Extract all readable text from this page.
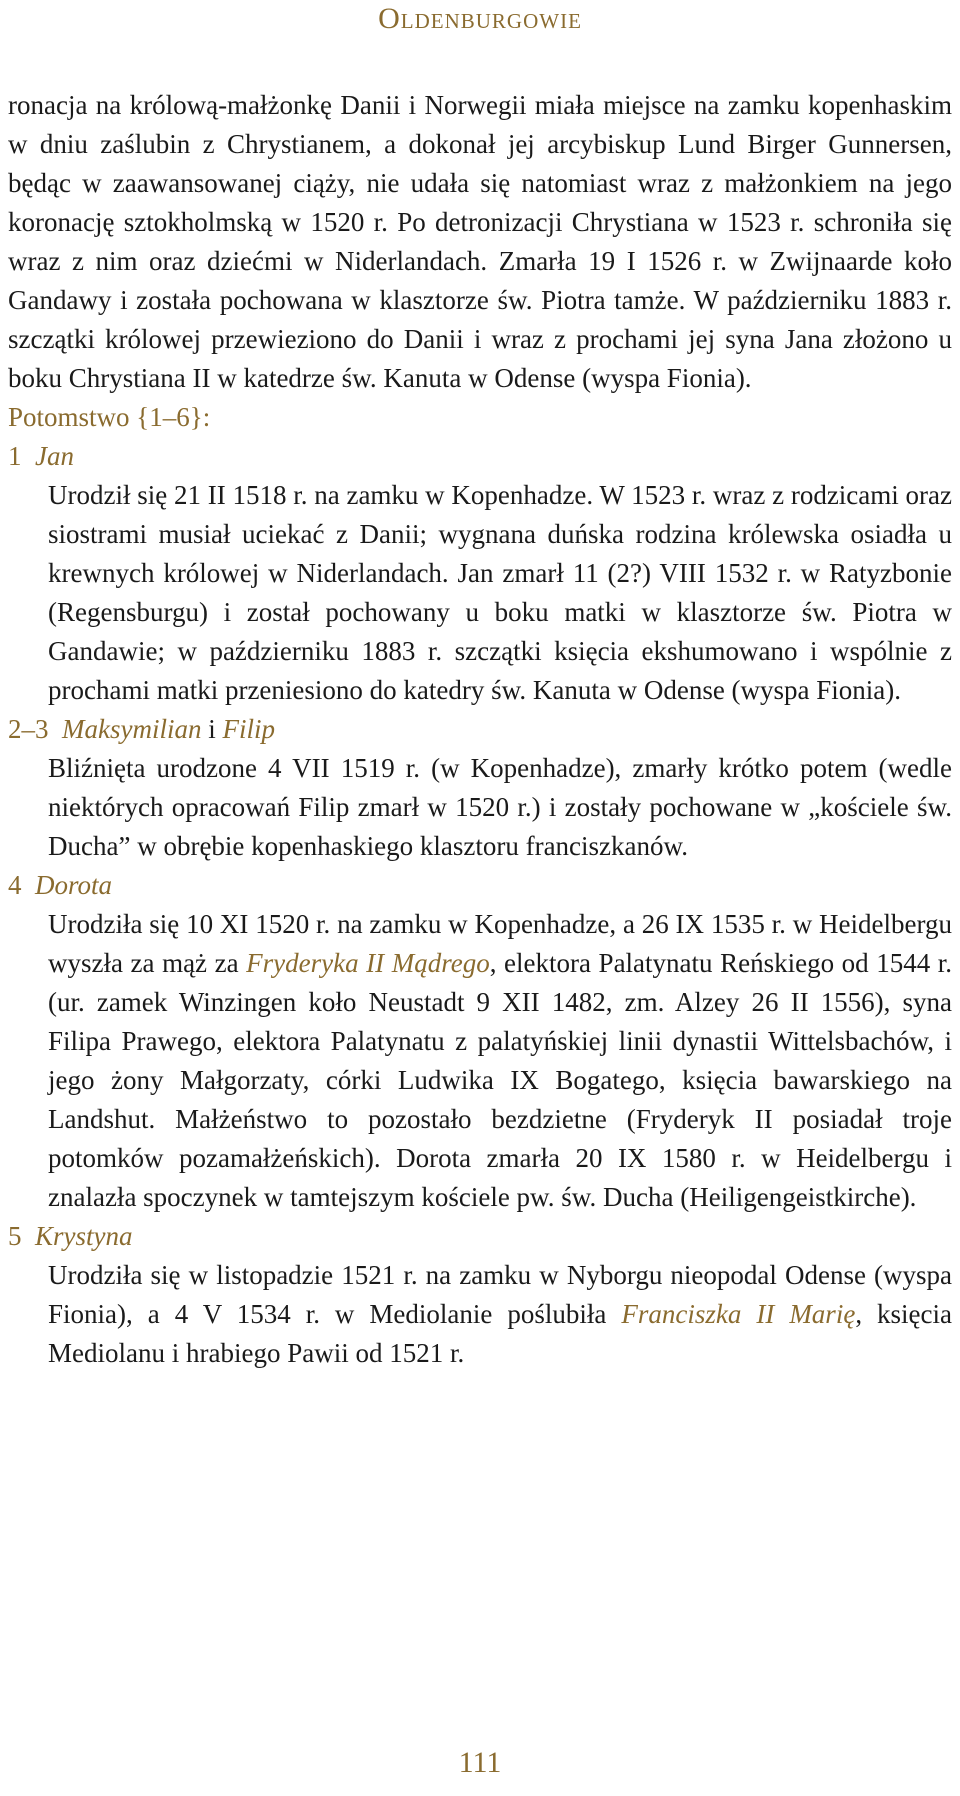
Oldenburgowie

ronacja na królową-małżonkę Danii i Norwegii miała miejsce na zamku kopenhaskim w dniu zaślubin z Chrystianem, a dokonał jej arcybiskup Lund Birger Gunnersen, będąc w zaawansowanej ciąży, nie udała się natomiast wraz z małżonkiem na jego koronację sztokholmską w 1520 r. Po detronizacji Chrystiana w 1523 r. schroniła się wraz z nim oraz dziećmi w Niderlandach. Zmarła 19 I 1526 r. w Zwijnaarde koło Gandawy i została pochowana w klasztorze św. Piotra tamże. W październiku 1883 r. szczątki królowej przewieziono do Danii i wraz z prochami jej syna Jana złożono u boku Chrystiana II w katedrze św. Kanuta w Odense (wyspa Fionia).

Potomstwo {1–6}:

1 Jan

Urodził się 21 II 1518 r. na zamku w Kopenhadze. W 1523 r. wraz z rodzicami oraz siostrami musiał uciekać z Danii; wygnana duńska rodzina królewska osiadła u krewnych królowej w Niderlandach. Jan zmarł 11 (2?) VIII 1532 r. w Ratyzbonie (Regensburgu) i został pochowany u boku matki w klasztorze św. Piotra w Gandawie; w październiku 1883 r. szczątki księcia ekshumowano i wspólnie z prochami matki przeniesiono do katedry św. Kanuta w Odense (wyspa Fionia).

2–3 Maksymilian i Filip

Bliźnięta urodzone 4 VII 1519 r. (w Kopenhadze), zmarły krótko potem (wedle niektórych opracowań Filip zmarł w 1520 r.) i zostały pochowane w „kościele św. Ducha” w obrębie kopenhaskiego klasztoru franciszkanów.

4 Dorota

Urodziła się 10 XI 1520 r. na zamku w Kopenhadze, a 26 IX 1535 r. w Heidelbergu wyszła za mąż za Fryderyka II Mądrego, elektora Palatynatu Reńskiego od 1544 r. (ur. zamek Winzingen koło Neustadt 9 XII 1482, zm. Alzey 26 II 1556), syna Filipa Prawego, elektora Palatynatu z palatyńskiej linii dynastii Wittelsbachów, i jego żony Małgorzaty, córki Ludwika IX Bogatego, księcia bawarskiego na Landshut. Małżeństwo to pozostało bezdzietne (Fryderyk II posiadał troje potomków pozamałżeńskich). Dorota zmarła 20 IX 1580 r. w Heidelbergu i znalazła spoczynek w tamtejszym kościele pw. św. Ducha (Heiligengeistkirche).

5 Krystyna

Urodziła się w listopadzie 1521 r. na zamku w Nyborgu nieopodal Odense (wyspa Fionia), a 4 V 1534 r. w Mediolanie poślubiła Franciszka II Marię, księcia Mediolanu i hrabiego Pawii od 1521 r.

111
